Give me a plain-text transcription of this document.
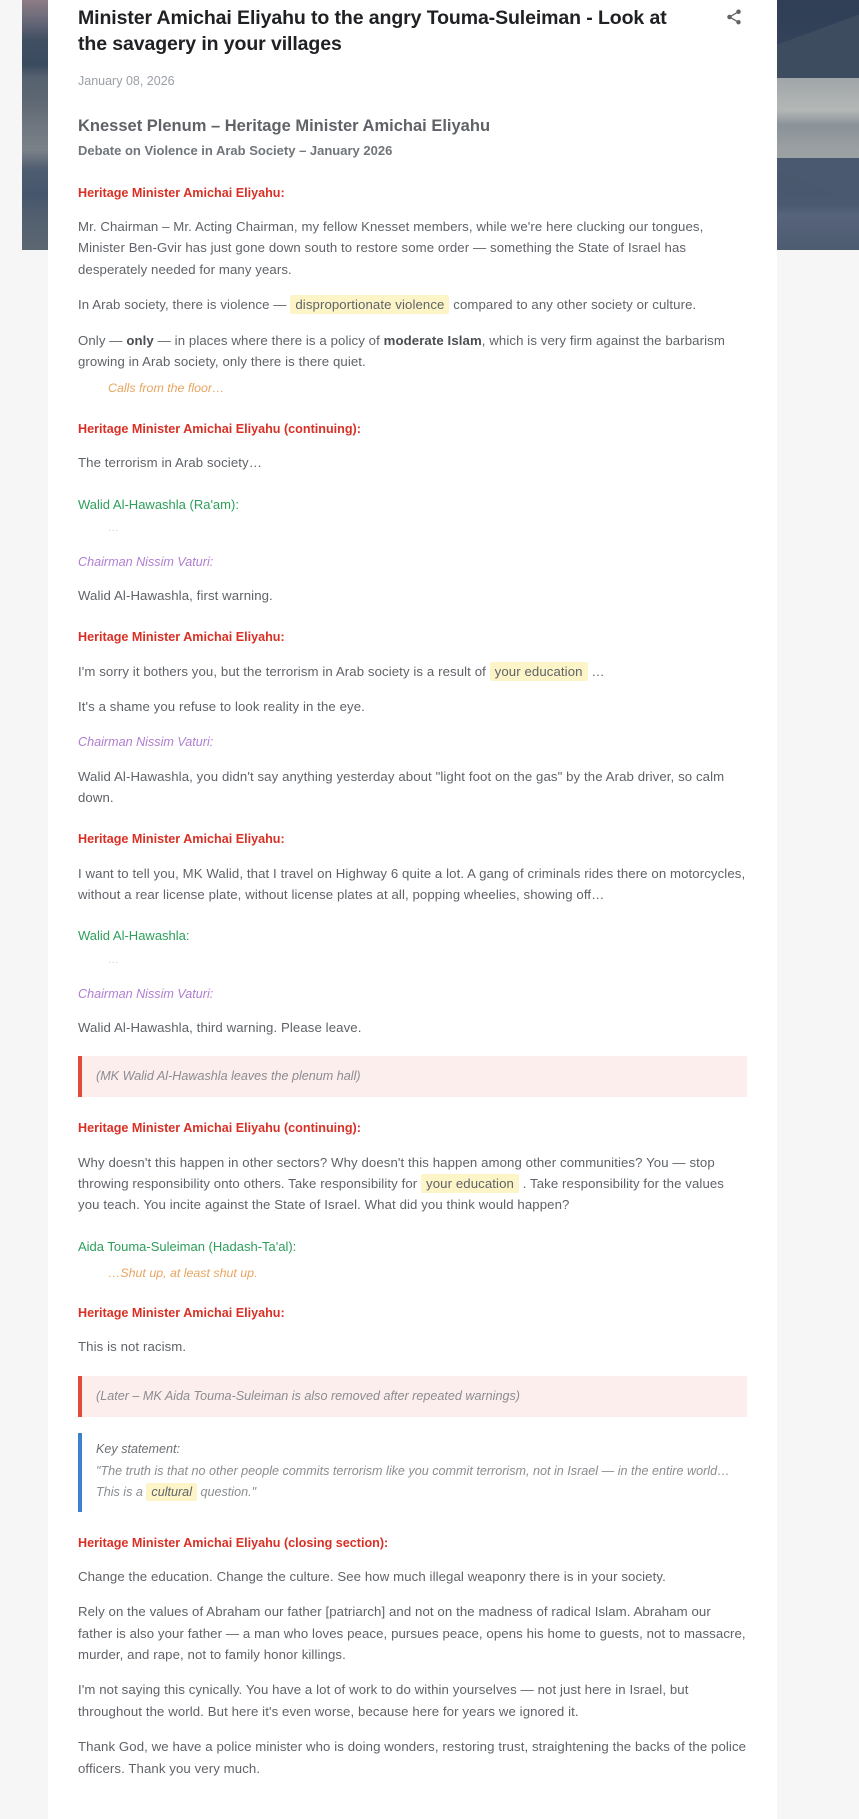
Minister Amichai Eliyahu to the angry Touma-Suleiman - Look at the savagery in your villages
January 08, 2026
Knesset Plenum – Heritage Minister Amichai Eliyahu
Debate on Violence in Arab Society – January 2026
Heritage Minister Amichai Eliyahu:

Mr. Chairman – Mr. Acting Chairman, my fellow Knesset members, while we're here clucking our tongues, Minister Ben-Gvir has just gone down south to restore some order — something the State of Israel has desperately needed for many years.

In Arab society, there is violence — disproportionate violence compared to any other society or culture.

Only — only — in places where there is a policy of moderate Islam, which is very firm against the barbarism growing in Arab society, only there is there quiet.

Calls from the floor…
Heritage Minister Amichai Eliyahu (continuing):

The terrorism in Arab society…

Walid Al-Hawashla (Ra'am):
…
Chairman Nissim Vaturi:

Walid Al-Hawashla, first warning.

Heritage Minister Amichai Eliyahu:

I'm sorry it bothers you, but the terrorism in Arab society is a result of your education …

It's a shame you refuse to look reality in the eye.

Chairman Nissim Vaturi:

Walid Al-Hawashla, you didn't say anything yesterday about "light foot on the gas" by the Arab driver, so calm down.

Heritage Minister Amichai Eliyahu:

I want to tell you, MK Walid, that I travel on Highway 6 quite a lot. A gang of criminals rides there on motorcycles, without a rear license plate, without license plates at all, popping wheelies, showing off…

Walid Al-Hawashla:
…
Chairman Nissim Vaturi:

Walid Al-Hawashla, third warning. Please leave.

(MK Walid Al-Hawashla leaves the plenum hall)
Heritage Minister Amichai Eliyahu (continuing):

Why doesn't this happen in other sectors? Why doesn't this happen among other communities? You — stop throwing responsibility onto others. Take responsibility for your education . Take responsibility for the values you teach. You incite against the State of Israel. What did you think would happen?

Aida Touma-Suleiman (Hadash-Ta'al):
…Shut up, at least shut up.
Heritage Minister Amichai Eliyahu:

This is not racism.

(Later – MK Aida Touma-Suleiman is also removed after repeated warnings)
Key statement:
"The truth is that no other people commits terrorism like you commit terrorism, not in Israel — in the entire world… This is a cultural question."
Heritage Minister Amichai Eliyahu (closing section):

Change the education. Change the culture. See how much illegal weaponry there is in your society.

Rely on the values of Abraham our father [patriarch] and not on the madness of radical Islam. Abraham our father is also your father — a man who loves peace, pursues peace, opens his home to guests, not to massacre, murder, and rape, not to family honor killings.

I'm not saying this cynically. You have a lot of work to do within yourselves — not just here in Israel, but throughout the world. But here it's even worse, because here for years we ignored it.

Thank God, we have a police minister who is doing wonders, restoring trust, straightening the backs of the police officers. Thank you very much.
